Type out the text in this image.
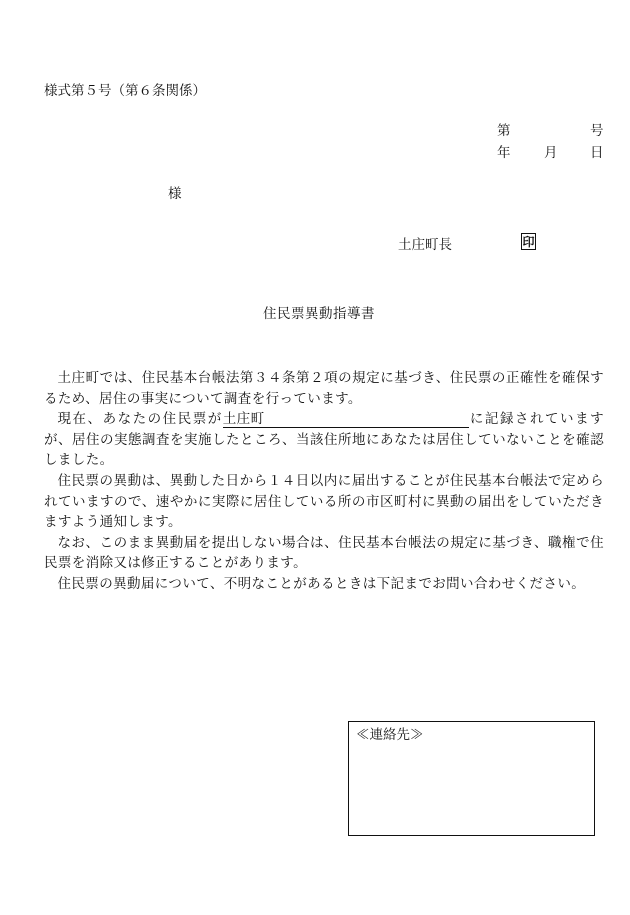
様式第５号（第６条関係）
第	号
年 月 日
様
土庄町長	印
住民票異動指導書

土庄町では、住民基本台帳法第３４条第２項の規定に基づき、住民票の正確性を確保するため、居住の事実について調査を行っています。

現在、あなたの住民票が土庄町	に記録されていますが、居住の実態調査を実施したところ、当該住所地にあなたは居住していないことを確認しました。

住民票の異動は、異動した日から１４日以内に届出することが住民基本台帳法で定められていますので、速やかに実際に居住している所の市区町村に異動の届出をしていただきますよう通知します。

なお、このまま異動届を提出しない場合は、住民基本台帳法の規定に基づき、職権で住民票を消除又は修正することがあります。

住民票の異動届について、不明なことがあるときは下記までお問い合わせください。

≪連絡先≫
